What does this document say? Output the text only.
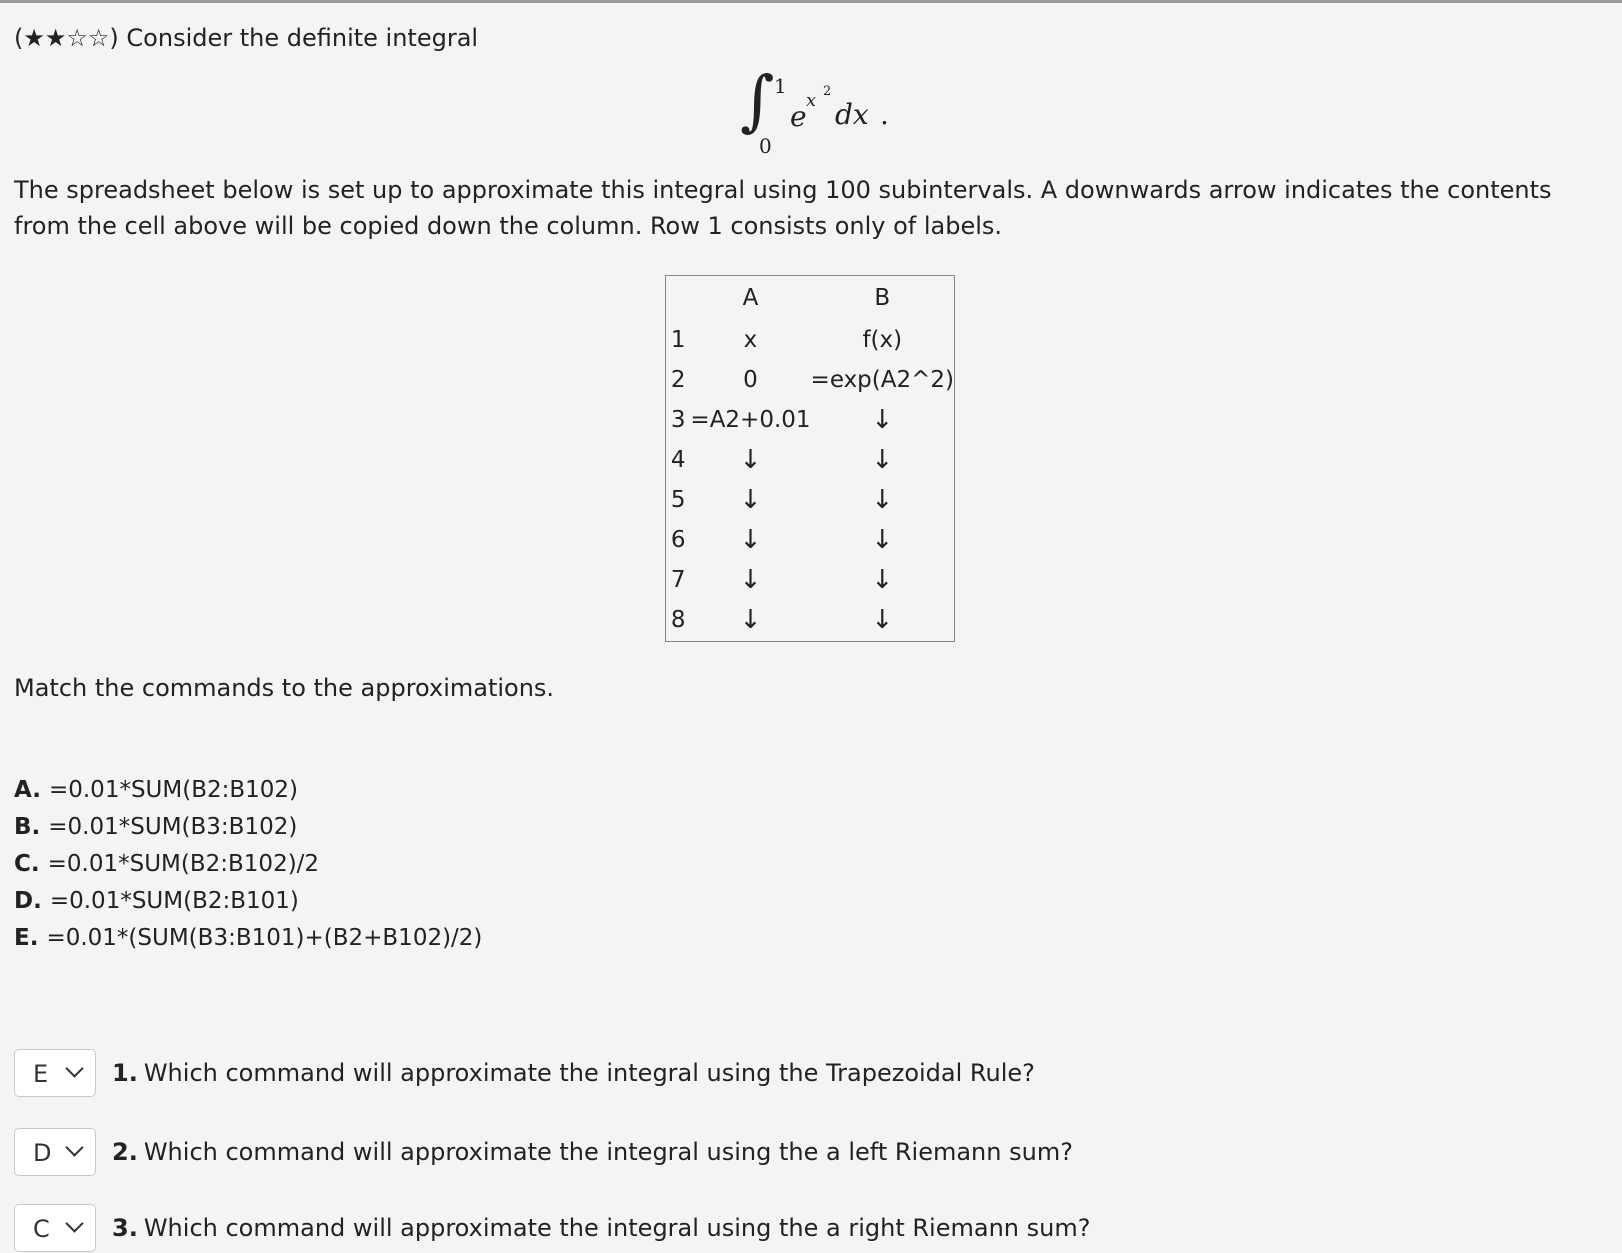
(★★☆☆) Consider the definite integral
∫ 1
0
e x 2
dx .
The spreadsheet below is set up to approximate this integral using 100 subintervals. A downwards arrow indicates the contents from the cell above will be copied down the column. Row 1 consists only of labels.
	A	B
1	x	f(x)
2	0	=exp(A2^2)
3	=A2+0.01	↓
4	↓	↓
5	↓	↓
6	↓	↓
7	↓	↓
8	↓	↓
Match the commands to the approximations.
A. =0.01*SUM(B2:B102)
B. =0.01*SUM(B3:B102)
C. =0.01*SUM(B2:B102)/2
D. =0.01*SUM(B2:B101)
E. =0.01*(SUM(B3:B101)+(B2+B102)/2)
E	1. Which command will approximate the integral using the Trapezoidal Rule?
D	2. Which command will approximate the integral using the a left Riemann sum?
C	3. Which command will approximate the integral using the a right Riemann sum?
